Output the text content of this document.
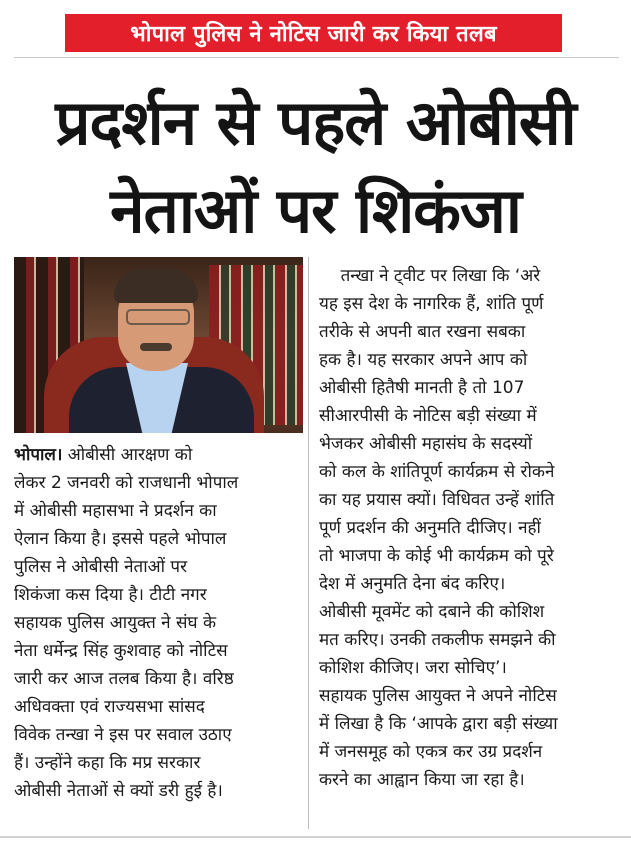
भोपाल पुलिस ने नोटिस जारी कर किया तलब
प्रदर्शन से पहले ओबीसी
नेताओं पर शिकंजा
भोपाल। ओबीसी आरक्षण को
लेकर 2 जनवरी को राजधानी भोपाल
में ओबीसी महासभा ने प्रदर्शन का
ऐलान किया है। इससे पहले भोपाल
पुलिस ने ओबीसी नेताओं पर
शिकंजा कस दिया है। टीटी नगर
सहायक पुलिस आयुक्त ने संघ के
नेता धर्मेन्द्र सिंह कुशवाह को नोटिस
जारी कर आज तलब किया है। वरिष्ठ
अधिवक्ता एवं राज्यसभा सांसद
विवेक तन्खा ने इस पर सवाल उठाए
हैं। उन्होंने कहा कि मप्र सरकार
ओबीसी नेताओं से क्यों डरी हुई है।
तन्खा ने ट्वीट पर लिखा कि ‘अरे
यह इस देश के नागरिक हैं, शांति पूर्ण
तरीके से अपनी बात रखना सबका
हक है। यह सरकार अपने आप को
ओबीसी हितैषी मानती है तो 107
सीआरपीसी के नोटिस बड़ी संख्या में
भेजकर ओबीसी महासंघ के सदस्यों
को कल के शांतिपूर्ण कार्यक्रम से रोकने
का यह प्रयास क्यों। विधिवत उन्हें शांति
पूर्ण प्रदर्शन की अनुमति दीजिए। नहीं
तो भाजपा के कोई भी कार्यक्रम को पूरे
देश में अनुमति देना बंद करिए।
ओबीसी मूवमेंट को दबाने की कोशिश
मत करिए। उनकी तकलीफ समझने की
कोशिश कीजिए। जरा सोचिए’।
सहायक पुलिस आयुक्त ने अपने नोटिस
में लिखा है कि ‘आपके द्वारा बड़ी संख्या
में जनसमूह को एकत्र कर उग्र प्रदर्शन
करने का आह्वान किया जा रहा है।
